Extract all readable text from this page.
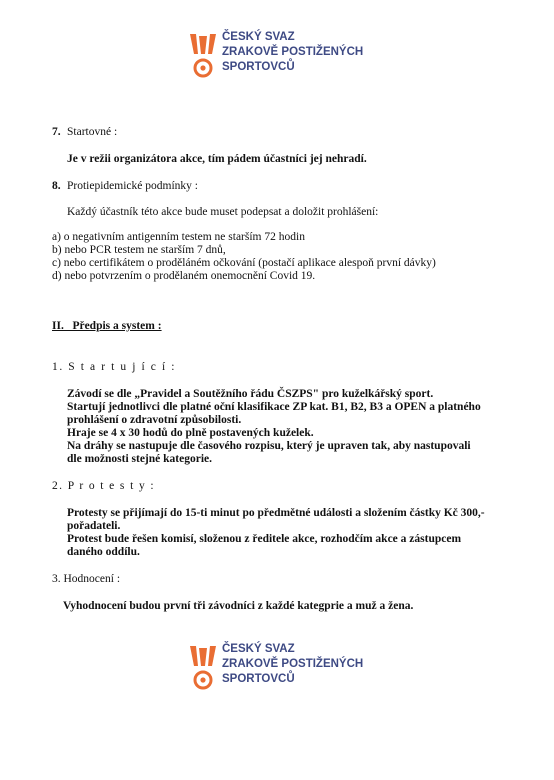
ČESKÝ SVAZ
ZRAKOVĚ POSTIŽENÝCH
SPORTOVCŮ
7. Startovné :
Je v režii organizátora akce, tím pádem účastníci jej nehradí.
8. Protiepidemické podmínky :
Každý účastník této akce bude muset podepsat a doložit prohlášení:
a) o negativním antigenním testem ne starším 72 hodin
b) nebo PCR testem ne starším 7 dnů,
c) nebo certifikátem o proděláném očkování (postačí aplikace alespoň první dávky)
d) nebo potvrzením o prodělaném onemocnění Covid 19.
II.   Předpis a system :
1. S t a r t u j í c í :
Závodí se dle „Pravidel a Soutěžního řádu ČSZPS" pro kuželkářský sport.
Startují jednotlivci dle platné oční klasifikace ZP kat. B1, B2, B3 a OPEN a platného
prohlášení o zdravotní způsobilosti.
Hraje se 4 x 30 hodů do plně postavených kuželek.
Na dráhy se nastupuje dle časového rozpisu, který je upraven tak, aby nastupovali
dle možnosti stejné kategorie.
2. P r o t e s t y :
Protesty se přijímají do 15-ti minut po předmětné události a složením částky Kč 300,-
pořadateli.
Protest bude řešen komisí, složenou z ředitele akce, rozhodčím akce a zástupcem
daného oddílu.
3. Hodnocení :
Vyhodnocení budou první tři závodníci z každé kategprie a muž a žena.
ČESKÝ SVAZ
ZRAKOVĚ POSTIŽENÝCH
SPORTOVCŮ
